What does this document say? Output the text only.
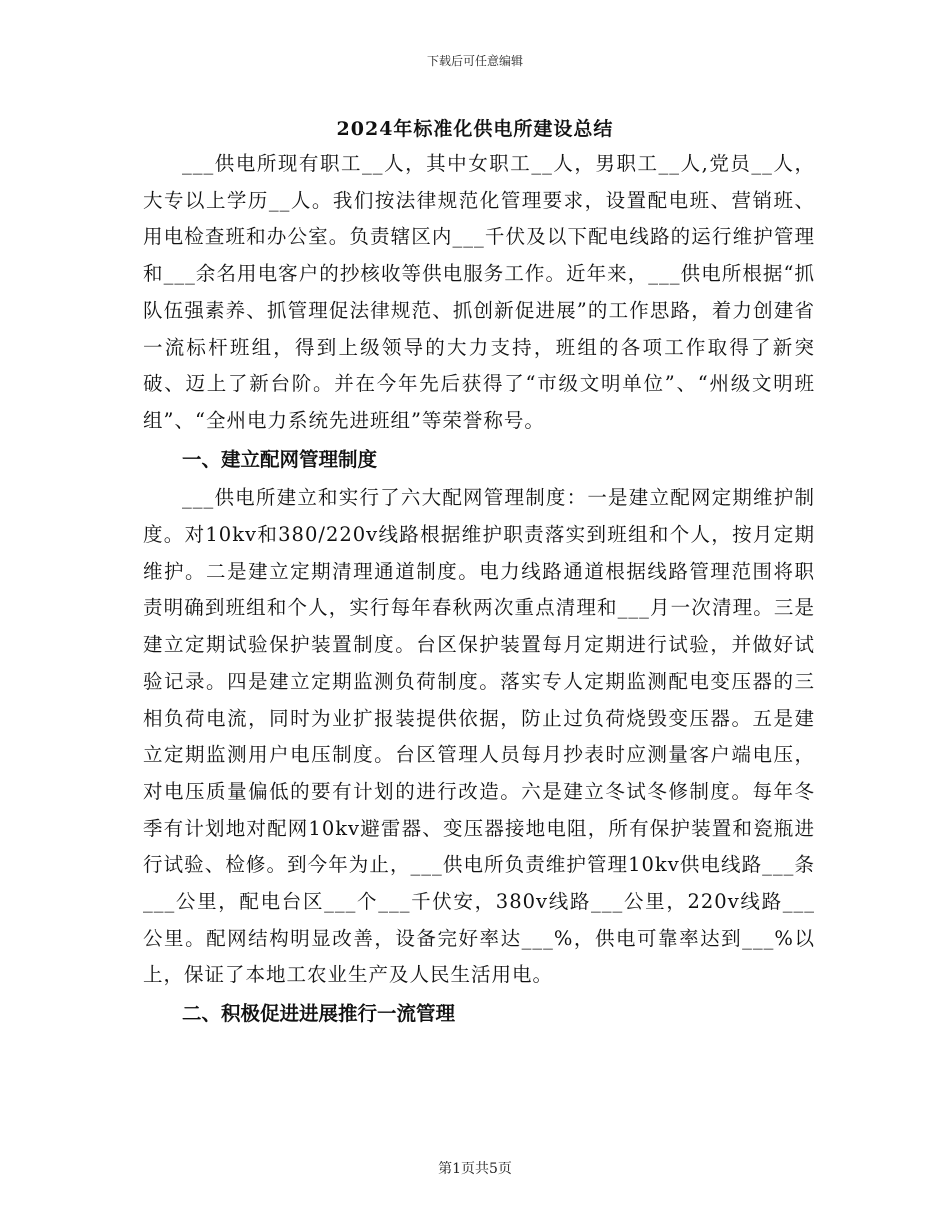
下载后可任意编辑
2024年标准化供电所建设总结

___供电所现有职工__人，其中女职工__人，男职工__人,党员__人，大专以上学历__人。我们按法律规范化管理要求，设置配电班、营销班、用电检查班和办公室。负责辖区内___千伏及以下配电线路的运行维护管理和___余名用电客户的抄核收等供电服务工作。近年来，___供电所根据“抓队伍强素养、抓管理促法律规范、抓创新促进展”的工作思路，着力创建省一流标杆班组，得到上级领导的大力支持，班组的各项工作取得了新突破、迈上了新台阶。并在今年先后获得了“市级文明单位”、“州级文明班组”、“全州电力系统先进班组”等荣誉称号。

一、建立配网管理制度

___供电所建立和实行了六大配网管理制度：一是建立配网定期维护制度。对10kv和380/220v线路根据维护职责落实到班组和个人，按月定期维护。二是建立定期清理通道制度。电力线路通道根据线路管理范围将职责明确到班组和个人，实行每年春秋两次重点清理和___月一次清理。三是建立定期试验保护装置制度。台区保护装置每月定期进行试验，并做好试验记录。四是建立定期监测负荷制度。落实专人定期监测配电变压器的三相负荷电流，同时为业扩报装提供依据，防止过负荷烧毁变压器。五是建立定期监测用户电压制度。台区管理人员每月抄表时应测量客户端电压，对电压质量偏低的要有计划的进行改造。六是建立冬试冬修制度。每年冬季有计划地对配网10kv避雷器、变压器接地电阻，所有保护装置和瓷瓶进行试验、检修。到今年为止，___供电所负责维护管理10kv供电线路___条___公里，配电台区___个___千伏安，380v线路___公里，220v线路___公里。配网结构明显改善，设备完好率达___%，供电可靠率达到___%以上，保证了本地工农业生产及人民生活用电。

二、积极促进进展推行一流管理

第1页共5页
